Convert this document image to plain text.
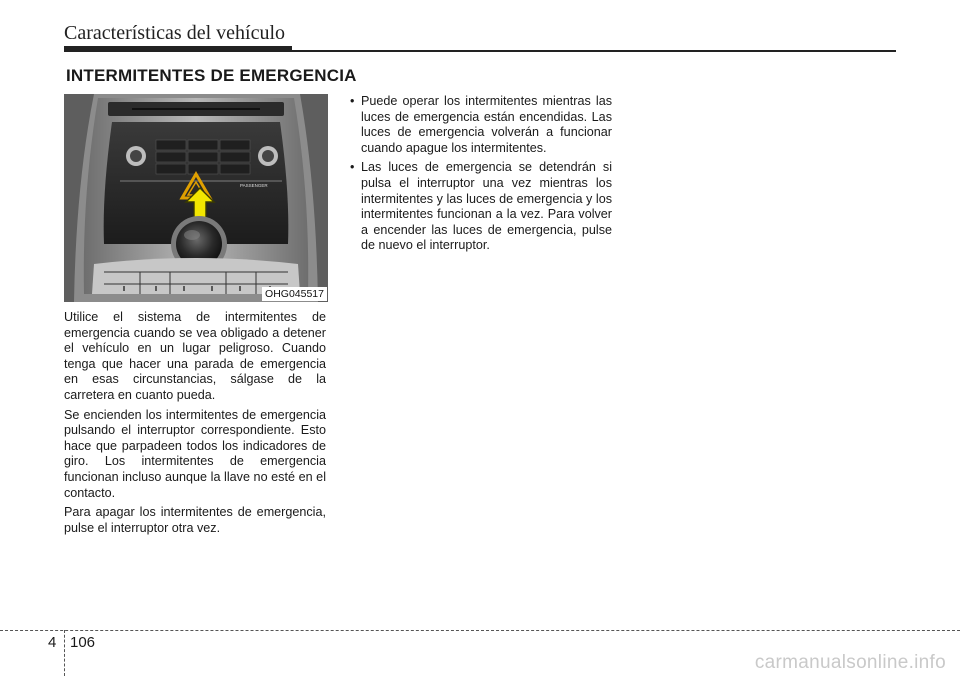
Características del vehículo
INTERMITENTES DE EMERGENCIA
PASSENGER
OHG045517

Utilice el sistema de intermitentes de emergencia cuando se vea obligado a detener el vehículo en un lugar peligroso. Cuando tenga que hacer una parada de emergencia en esas circunstancias, sálgase de la carretera en cuanto pueda.

Se encienden los intermitentes de emergencia pulsando el interruptor correspondiente. Esto hace que parpadeen todos los indicadores de giro. Los intermitentes de emergencia funcionan incluso aunque la llave no esté en el contacto.

Para apagar los intermitentes de emergencia, pulse el interruptor otra vez.

• Puede operar los intermitentes mientras las luces de emergencia están encendidas. Las luces de emergencia volverán a funcionar cuando apague los intermitentes.
• Las luces de emergencia se detendrán si pulsa el interruptor una vez mientras los intermitentes y las luces de emergencia y los intermitentes funcionan a la vez. Para volver a encender las luces de emergencia, pulse de nuevo el interruptor.
4 106
carmanualsonline.info
